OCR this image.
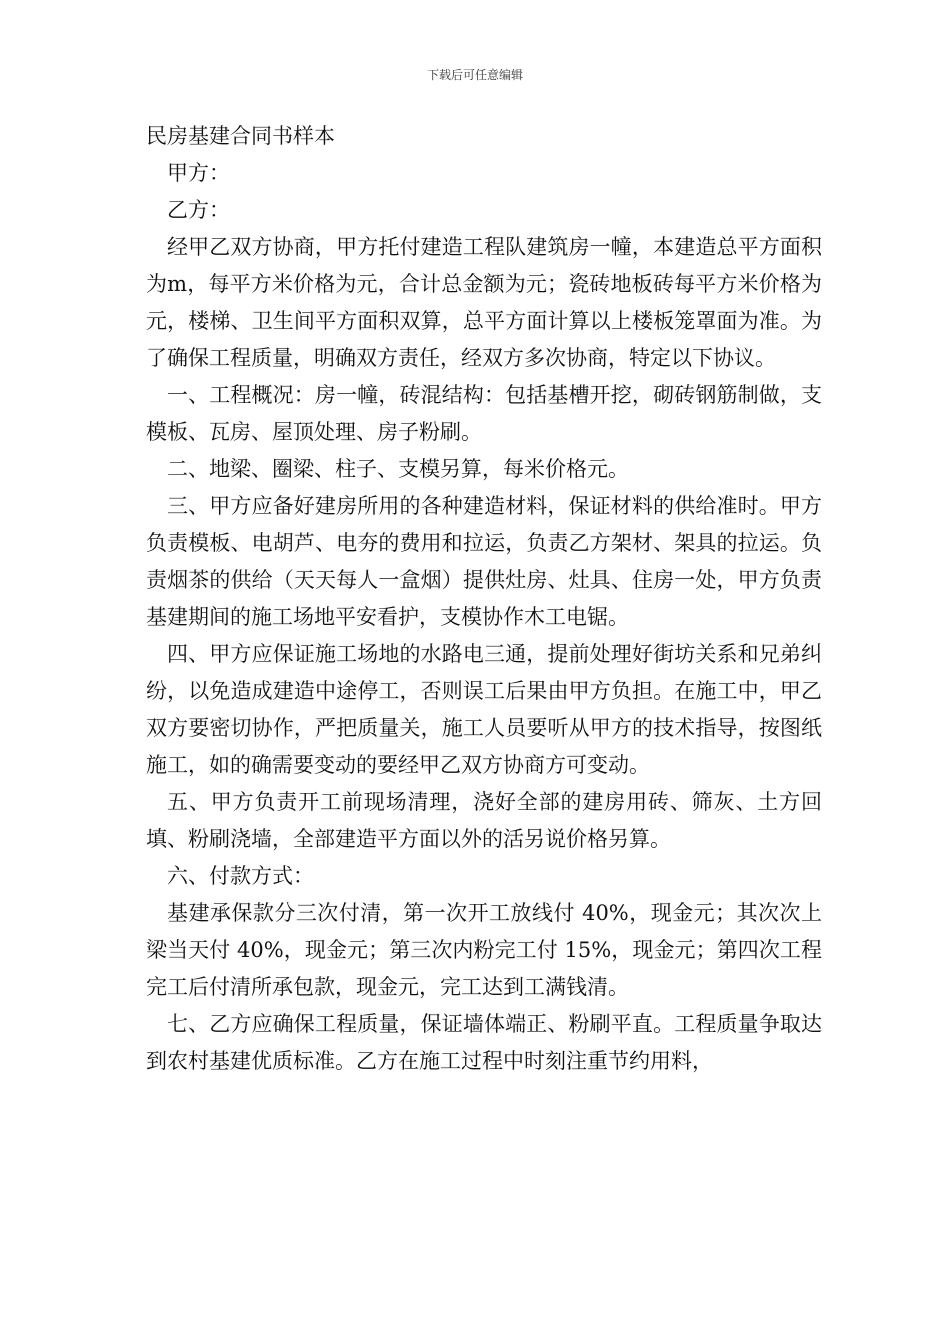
下载后可任意编辑
民房基建合同书样本

甲方：

乙方：

经甲乙双方协商，甲方托付建造工程队建筑房一幢，本建造总平方面积为m，每平方米价格为元，合计总金额为元；瓷砖地板砖每平方米价格为元，楼梯、卫生间平方面积双算，总平方面计算以上楼板笼罩面为准。为了确保工程质量，明确双方责任，经双方多次协商，特定以下协议。

一、工程概况：房一幢，砖混结构：包括基槽开挖，砌砖钢筋制做，支模板、瓦房、屋顶处理、房子粉刷。

二、地梁、圈梁、柱子、支模另算，每米价格元。

三、甲方应备好建房所用的各种建造材料，保证材料的供给准时。甲方负责模板、电胡芦、电夯的费用和拉运，负责乙方架材、架具的拉运。负责烟茶的供给（天天每人一盒烟）提供灶房、灶具、住房一处，甲方负责基建期间的施工场地平安看护，支模协作木工电锯。

四、甲方应保证施工场地的水路电三通，提前处理好街坊关系和兄弟纠纷，以免造成建造中途停工，否则误工后果由甲方负担。在施工中，甲乙双方要密切协作，严把质量关，施工人员要听从甲方的技术指导，按图纸施工，如的确需要变动的要经甲乙双方协商方可变动。

五、甲方负责开工前现场清理，浇好全部的建房用砖、筛灰、土方回填、粉刷浇墙，全部建造平方面以外的活另说价格另算。

六、付款方式：

基建承保款分三次付清，第一次开工放线付 40%，现金元；其次次上梁当天付 40%，现金元；第三次内粉完工付 15%，现金元；第四次工程完工后付清所承包款，现金元，完工达到工满钱清。

七、乙方应确保工程质量，保证墙体端正、粉刷平直。工程质量争取达到农村基建优质标准。乙方在施工过程中时刻注重节约用料，
